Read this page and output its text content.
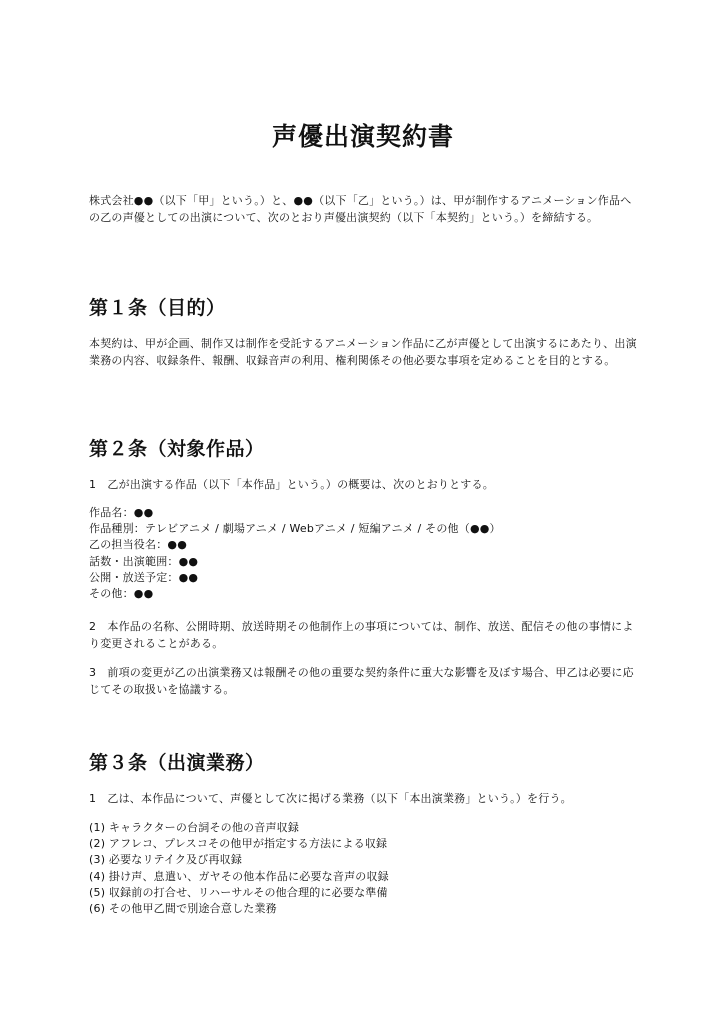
声優出演契約書

株式会社●●（以下「甲」という。）と、●●（以下「乙」という。）は、甲が制作するアニメーション作品への乙の声優としての出演について、次のとおり声優出演契約（以下「本契約」という。）を締結する。

第１条（目的）

本契約は、甲が企画、制作又は制作を受託するアニメーション作品に乙が声優として出演するにあたり、出演業務の内容、収録条件、報酬、収録音声の利用、権利関係その他必要な事項を定めることを目的とする。

第２条（対象作品）

1　乙が出演する作品（以下「本作品」という。）の概要は、次のとおりとする。

作品名：●●
作品種別：テレビアニメ / 劇場アニメ / Webアニメ / 短編アニメ / その他（●●）
乙の担当役名：●●
話数・出演範囲：●●
公開・放送予定：●●
その他：●●

2　本作品の名称、公開時期、放送時期その他制作上の事項については、制作、放送、配信その他の事情により変更されることがある。

3　前項の変更が乙の出演業務又は報酬その他の重要な契約条件に重大な影響を及ぼす場合、甲乙は必要に応じてその取扱いを協議する。

第３条（出演業務）

1　乙は、本作品について、声優として次に掲げる業務（以下「本出演業務」という。）を行う。

(1) キャラクターの台詞その他の音声収録
(2) アフレコ、プレスコその他甲が指定する方法による収録
(3) 必要なリテイク及び再収録
(4) 掛け声、息遣い、ガヤその他本作品に必要な音声の収録
(5) 収録前の打合せ、リハーサルその他合理的に必要な準備
(6) その他甲乙間で別途合意した業務
